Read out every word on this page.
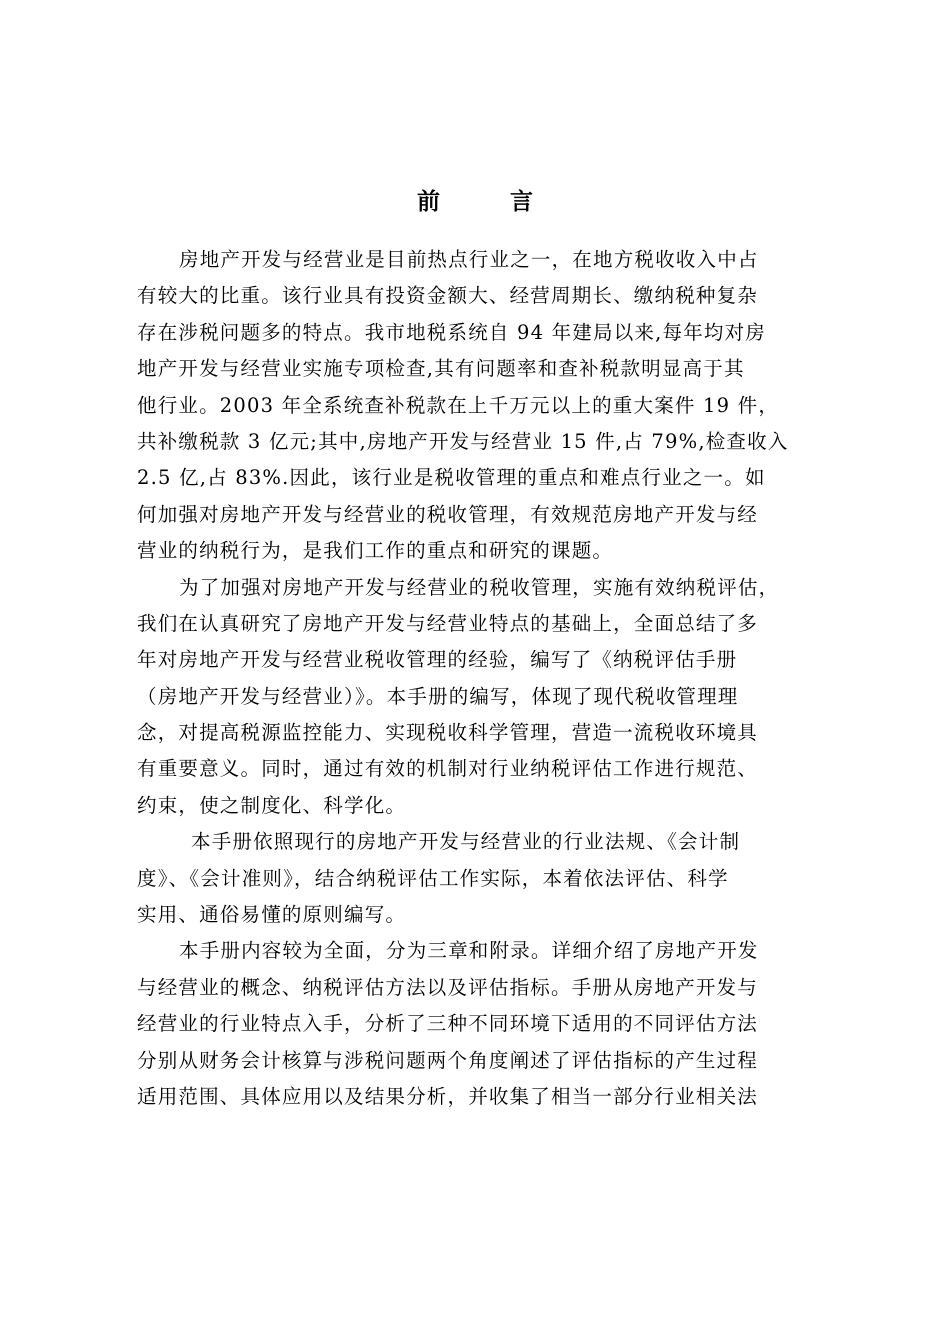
前	言
房地产开发与经营业是目前热点行业之一，在地方税收收入中占
有较大的比重。该行业具有投资金额大、经营周期长、缴纳税种复杂
存在涉税问题多的特点。我市地税系统自 94 年建局以来,每年均对房
地产开发与经营业实施专项检查,其有问题率和查补税款明显高于其
他行业。2003 年全系统查补税款在上千万元以上的重大案件 19 件，
共补缴税款 3 亿元;其中,房地产开发与经营业 15 件,占 79%,检查收入
2.5 亿,占 83%.因此，该行业是税收管理的重点和难点行业之一。如
何加强对房地产开发与经营业的税收管理，有效规范房地产开发与经
营业的纳税行为，是我们工作的重点和研究的课题。
为了加强对房地产开发与经营业的税收管理，实施有效纳税评估，
我们在认真研究了房地产开发与经营业特点的基础上，全面总结了多
年对房地产开发与经营业税收管理的经验，编写了《纳税评估手册
（房地产开发与经营业）》。本手册的编写，体现了现代税收管理理
念，对提高税源监控能力、实现税收科学管理，营造一流税收环境具
有重要意义。同时，通过有效的机制对行业纳税评估工作进行规范、
约束，使之制度化、科学化。
本手册依照现行的房地产开发与经营业的行业法规、《会计制
度》、《会计准则》，结合纳税评估工作实际，本着依法评估、科学
实用、通俗易懂的原则编写。
本手册内容较为全面，分为三章和附录。详细介绍了房地产开发
与经营业的概念、纳税评估方法以及评估指标。手册从房地产开发与
经营业的行业特点入手，分析了三种不同环境下适用的不同评估方法
分别从财务会计核算与涉税问题两个角度阐述了评估指标的产生过程
适用范围、具体应用以及结果分析，并收集了相当一部分行业相关法
